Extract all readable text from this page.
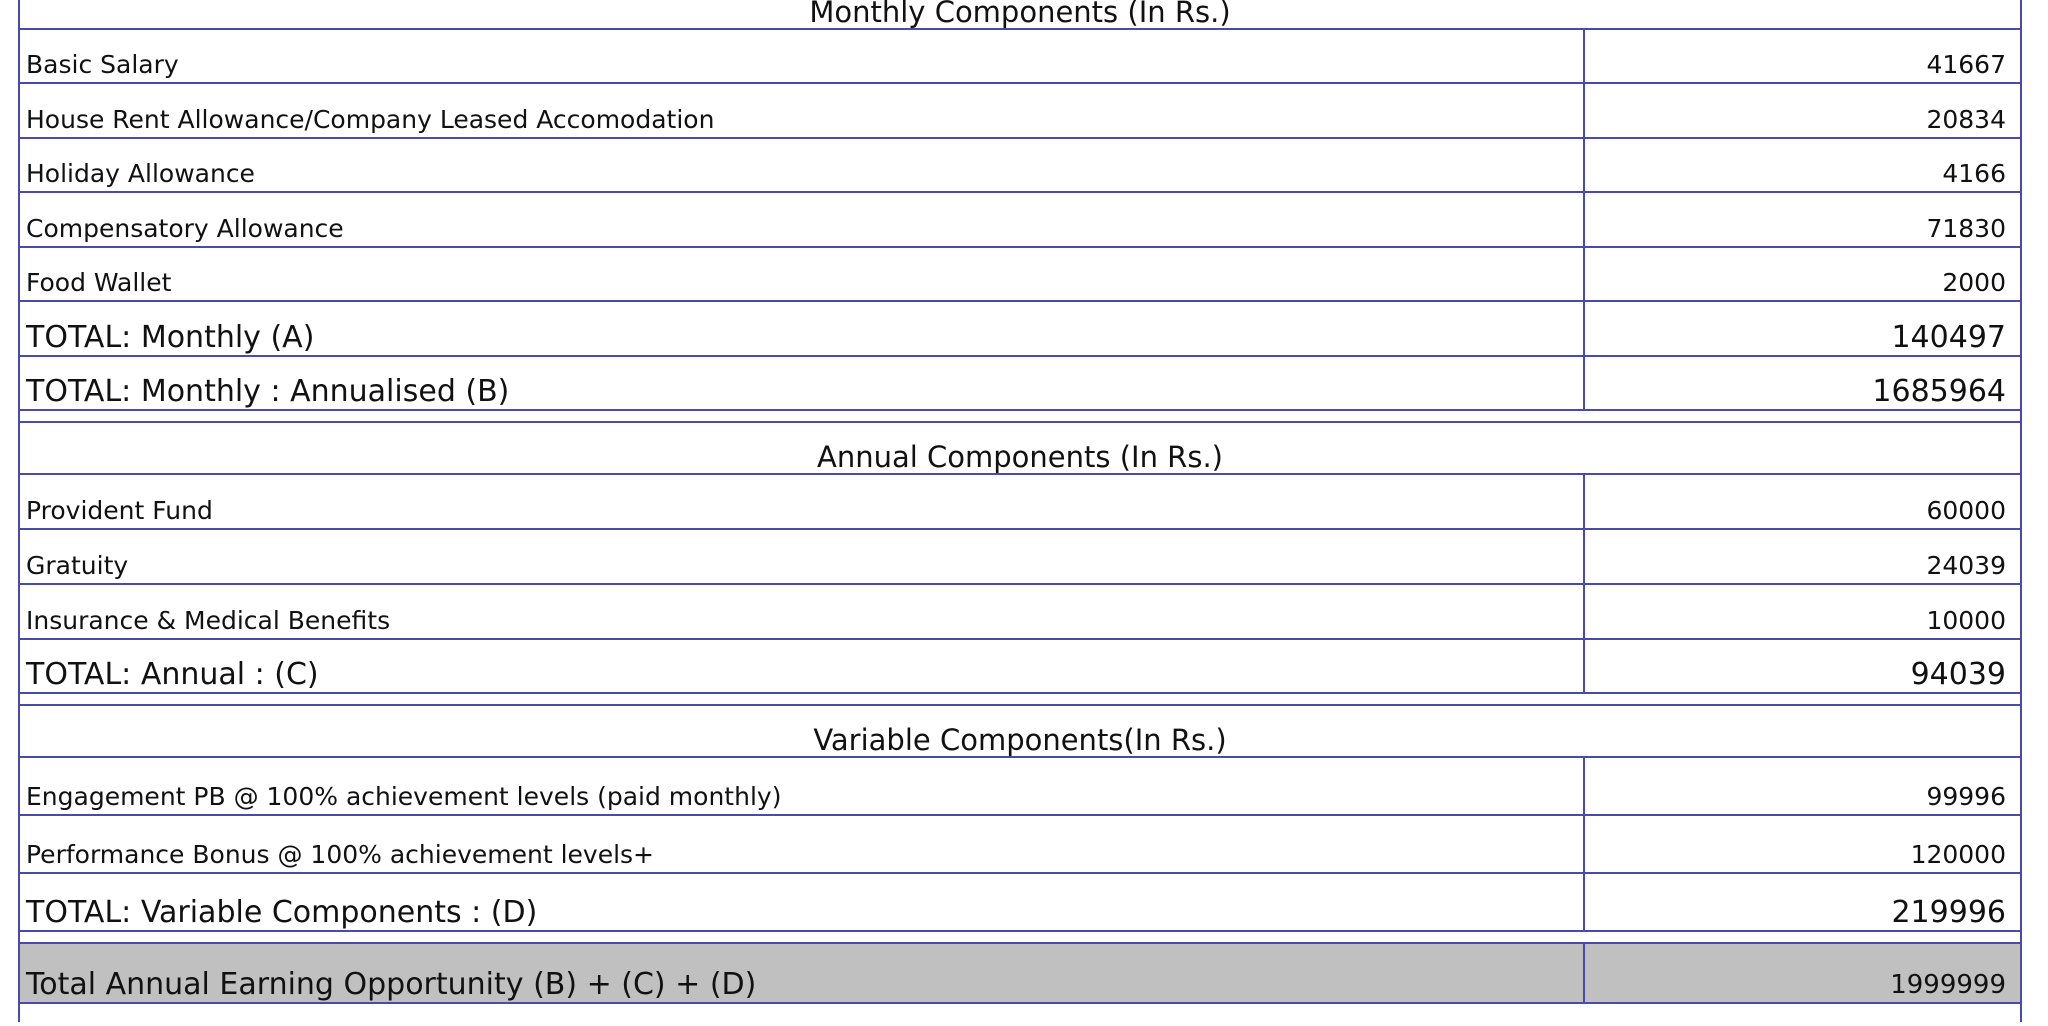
Monthly Components (In Rs.)
Basic Salary	41667
House Rent Allowance/Company Leased Accomodation	20834
Holiday Allowance	4166
Compensatory Allowance	71830
Food Wallet	2000
TOTAL: Monthly (A)	140497
TOTAL: Monthly : Annualised (B)	1685964
Annual Components (In Rs.)
Provident Fund	60000
Gratuity	24039
Insurance & Medical Benefits	10000
TOTAL: Annual : (C)	94039
Variable Components(In Rs.)
Engagement PB @ 100% achievement levels (paid monthly)	99996
Performance Bonus @ 100% achievement levels+	120000
TOTAL: Variable Components : (D)	219996
Total Annual Earning Opportunity (B) + (C) + (D)	1999999
